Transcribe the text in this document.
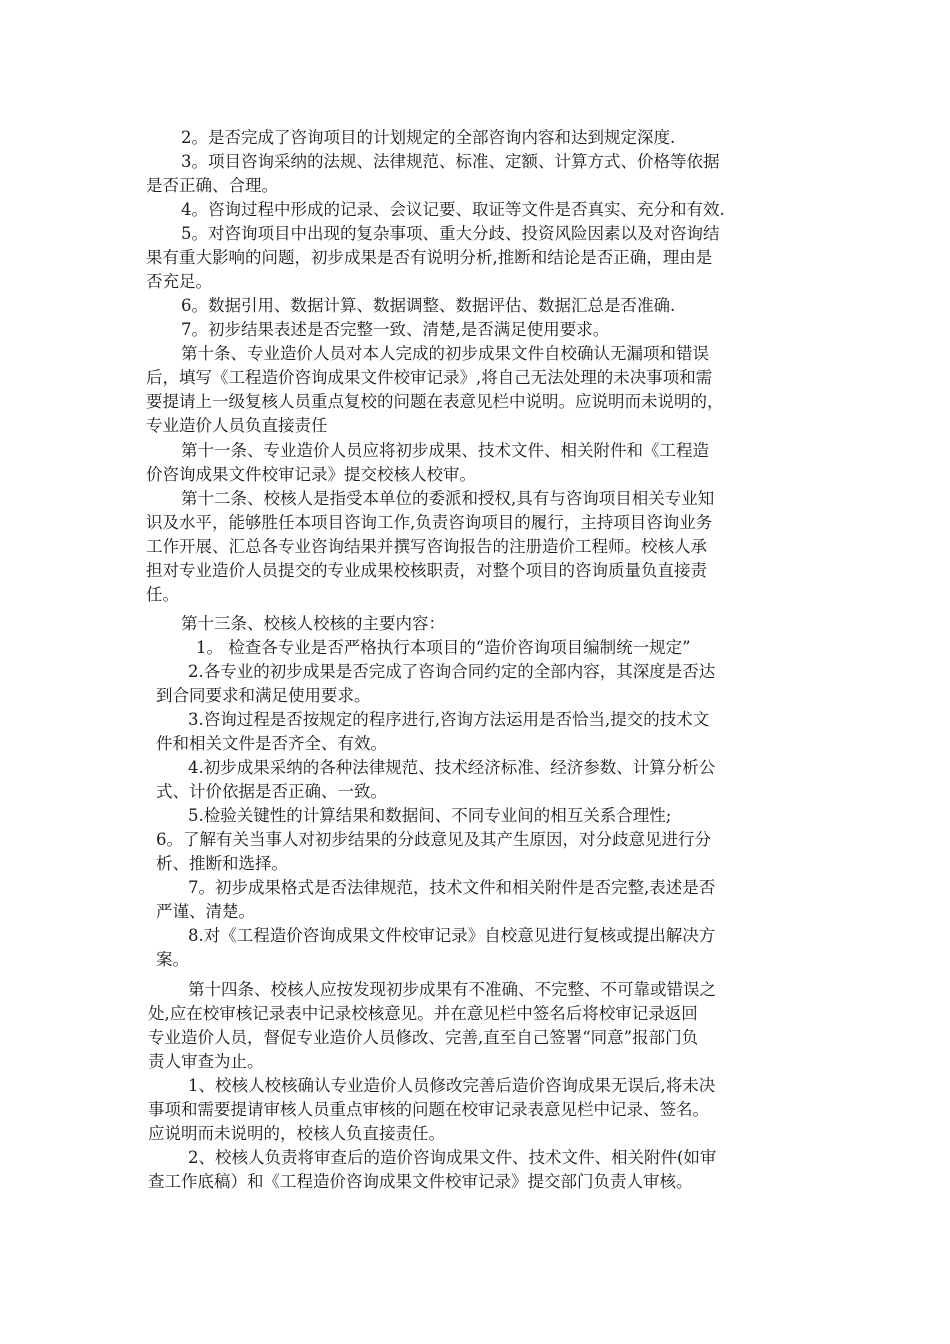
2。是否完成了咨询项目的计划规定的全部咨询内容和达到规定深度.
3。项目咨询采纳的法规、法律规范、标准、定额、计算方式、价格等依据
是否正确、合理。
4。咨询过程中形成的记录、会议记要、取证等文件是否真实、充分和有效.
5。对咨询项目中出现的复杂事项、重大分歧、投资风险因素以及对咨询结
果有重大影响的问题，初步成果是否有说明分析,推断和结论是否正确，理由是
否充足。
6。数据引用、数据计算、数据调整、数据评估、数据汇总是否准确.
7。初步结果表述是否完整一致、清楚,是否满足使用要求。
第十条、专业造价人员对本人完成的初步成果文件自校确认无漏项和错误
后，填写《工程造价咨询成果文件校审记录》,将自己无法处理的未决事项和需
要提请上一级复核人员重点复校的问题在表意见栏中说明。应说明而未说明的，
专业造价人员负直接责任
第十一条、专业造价人员应将初步成果、技术文件、相关附件和《工程造
价咨询成果文件校审记录》提交校核人校审。
第十二条、校核人是指受本单位的委派和授权,具有与咨询项目相关专业知
识及水平，能够胜任本项目咨询工作,负责咨询项目的履行，主持项目咨询业务
工作开展、汇总各专业咨询结果并撰写咨询报告的注册造价工程师。校核人承
担对专业造价人员提交的专业成果校核职责，对整个项目的咨询质量负直接责
任。
第十三条、校核人校核的主要内容：
1。 检查各专业是否严格执行本项目的“造价咨询项目编制统一规定”
2.各专业的初步成果是否完成了咨询合同约定的全部内容，其深度是否达
到合同要求和满足使用要求。
3.咨询过程是否按规定的程序进行,咨询方法运用是否恰当,提交的技术文
件和相关文件是否齐全、有效。
4.初步成果采纳的各种法律规范、技术经济标准、经济参数、计算分析公
式、计价依据是否正确、一致。
5.检验关键性的计算结果和数据间、不同专业间的相互关系合理性;
6。了解有关当事人对初步结果的分歧意见及其产生原因，对分歧意见进行分
析、推断和选择。
7。初步成果格式是否法律规范，技术文件和相关附件是否完整,表述是否
严谨、清楚。
8.对《工程造价咨询成果文件校审记录》自校意见进行复核或提出解决方
案。
第十四条、校核人应按发现初步成果有不准确、不完整、不可靠或错误之
处,应在校审核记录表中记录校核意见。并在意见栏中签名后将校审记录返回
专业造价人员，督促专业造价人员修改、完善,直至自己签署“同意”报部门负
责人审查为止。
1、校核人校核确认专业造价人员修改完善后造价咨询成果无误后,将未决
事项和需要提请审核人员重点审核的问题在校审记录表意见栏中记录、签名。
应说明而未说明的，校核人负直接责任。
2、校核人负责将审查后的造价咨询成果文件、技术文件、相关附件(如审
查工作底稿）和《工程造价咨询成果文件校审记录》提交部门负责人审核。
